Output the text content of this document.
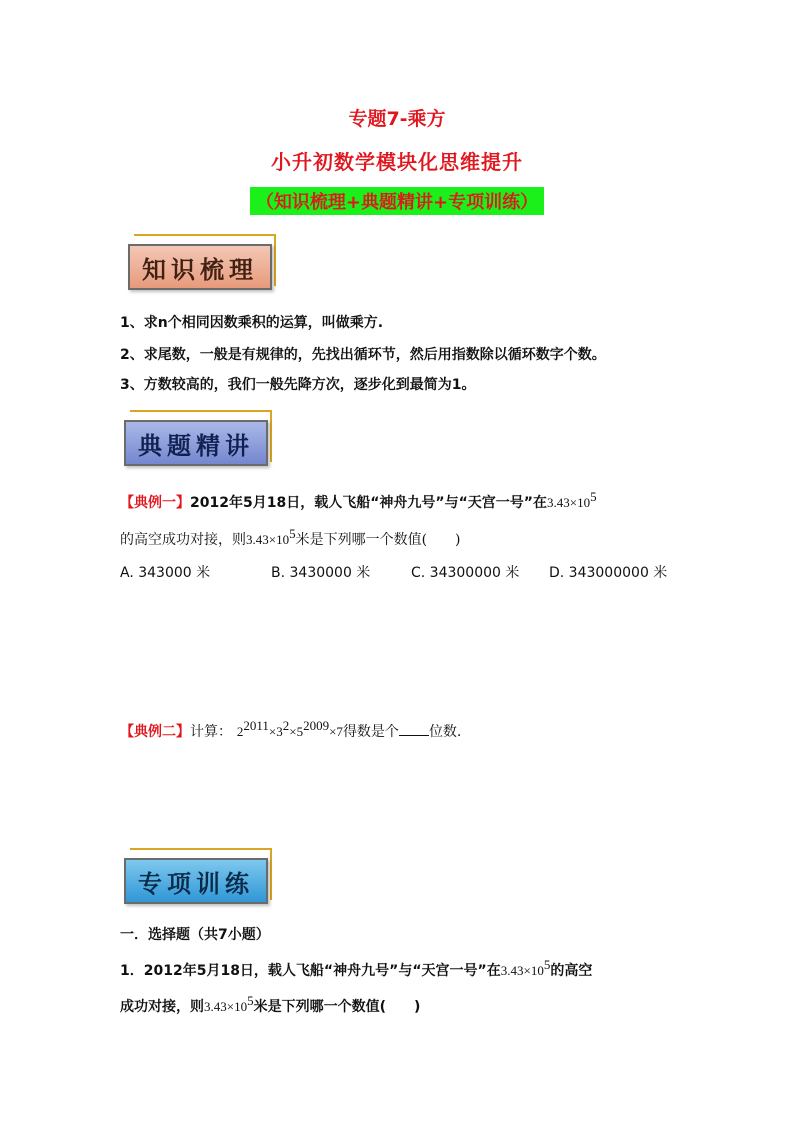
专题7-乘方
小升初数学模块化思维提升
（知识梳理+典题精讲+专项训练）
知识梳理
1、求n个相同因数乘积的运算，叫做乘方.
2、求尾数，一般是有规律的，先找出循环节，然后用指数除以循环数字个数。
3、方数较高的，我们一般先降方次，逐步化到最简为1。
典题精讲
【典例一】2012年5月18日，载人飞船“神舟九号”与“天宫一号”在$3.43\times 10^5$
的高空成功对接，则$3.43\times 10^5$米是下列哪一个数值(　　)
A. 343000 米	B. 3430000 米	C. 34300000 米 D. 343000000 米
【典例二】计算： $2^{2011}\times 3^2\times 5^{2009}\times 7$得数是个 位数.
专项训练
一．选择题（共7小题）
1．2012年5月18日，载人飞船“神舟九号”与“天宫一号”在$3.43\times 10^5$的高空
成功对接，则$3.43\times 10^5$米是下列哪一个数值(　　)
